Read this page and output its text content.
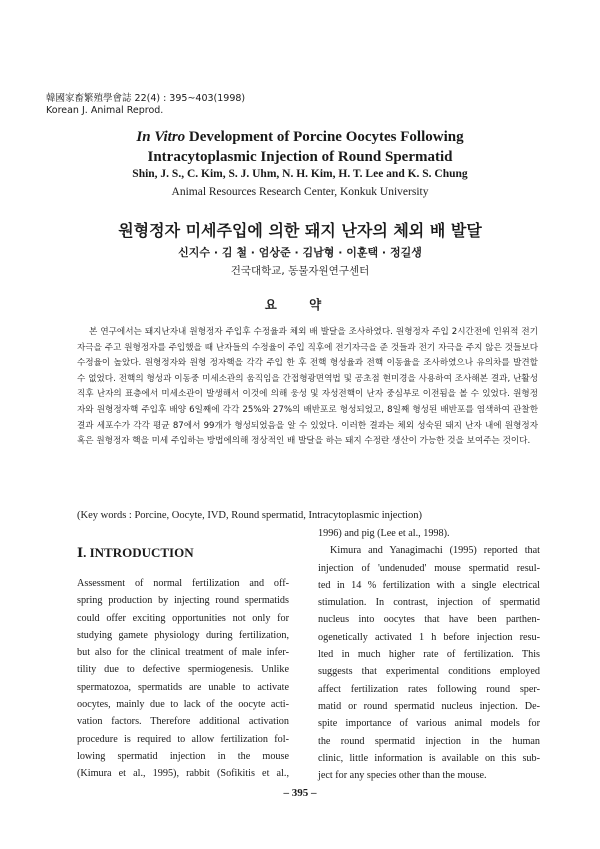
韓國家畜繁殖學會誌 22(4) : 395~403(1998)
Korean J. Animal Reprod.
In Vitro Development of Porcine Oocytes Following
Intracytoplasmic Injection of Round Spermatid
Shin, J. S., C. Kim, S. J. Uhm, N. H. Kim, H. T. Lee and K. S. Chung
Animal Resources Research Center, Konkuk University
원형정자 미세주입에 의한 돼지 난자의 체외 배 발달
신지수 · 김 철 · 엄상준 · 김남형 · 이훈택 · 정길생
건국대학교, 동물자원연구센터
요 약

본 연구에서는 돼지난자내 원형정자 주입후 수정율과 체외 배 발달을 조사하였다. 원형정자 주입 2시간전에 인위적 전기자극을 주고 원형정자를 주입했을 때 난자들의 수정율이 주입 직후에 전기자극을 준 것들과 전기 자극을 주지 않은 것들보다 수정율이 높았다. 원형정자와 원형 정자핵을 각각 주입 한 후 전핵 형성율과 전핵 이동율을 조사하였으나 유의차를 발견할 수 없었다. 전핵의 형성과 이동중 미세소관의 움직임을 간접형광면역법 및 공초점 현미경을 사용하여 조사해본 결과, 난활성 직후 난자의 표층에서 미세소관이 발생해서 이것에 의해 웅성 및 자성전핵이 난자 중심부로 이전됨을 볼 수 있었다. 원형정자와 원형정자핵 주입후 배양 6일째에 각각 25%와 27%의 배반포로 형성되었고, 8일째 형성된 배반포를 염색하여 관찰한 결과 세포수가 각각 평균 87에서 99개가 형성되었음을 알 수 있었다. 이러한 결과는 체외 성숙된 돼지 난자 내에 원형정자 혹은 원형정자 핵을 미세 주입하는 방법에의해 정상적인 배 발달을 하는 돼지 수정란 생산이 가능한 것을 보여주는 것이다.

(Key words : Porcine, Oocyte, IVD, Round spermatid, Intracytoplasmic injection)
Ⅰ. INTRODUCTION
Assessment of normal fertilization and off-
spring production by injecting round spermatids
could offer exciting opportunities not only for
studying gamete physiology during fertilization,
but also for the clinical treatment of male infer-
tility due to defective spermiogenesis. Unlike
spermatozoa, spermatids are unable to activate
oocytes, mainly due to lack of the oocyte acti-
vation factors. Therefore additional activation
procedure is required to allow fertilization fol-
lowing spermatid injection in the mouse
(Kimura et al., 1995), rabbit (Sofikitis et al.,
1996) and pig (Lee et al., 1998).
Kimura and Yanagimachi (1995) reported that
injection of 'undenuded' mouse spermatid resul-
ted in 14 % fertilization with a single electrical
stimulation. In contrast, injection of spermatid
nucleus into oocytes that have been parthen-
ogenetically activated 1 h before injection resu-
lted in much higher rate of fertilization. This
suggests that experimental conditions employed
affect fertilization rates following round sper-
matid or round spermatid nucleus injection. De-
spite importance of various animal models for
the round spermatid injection in the human
clinic, little information is available on this sub-
ject for any species other than the mouse.
– 395 –
